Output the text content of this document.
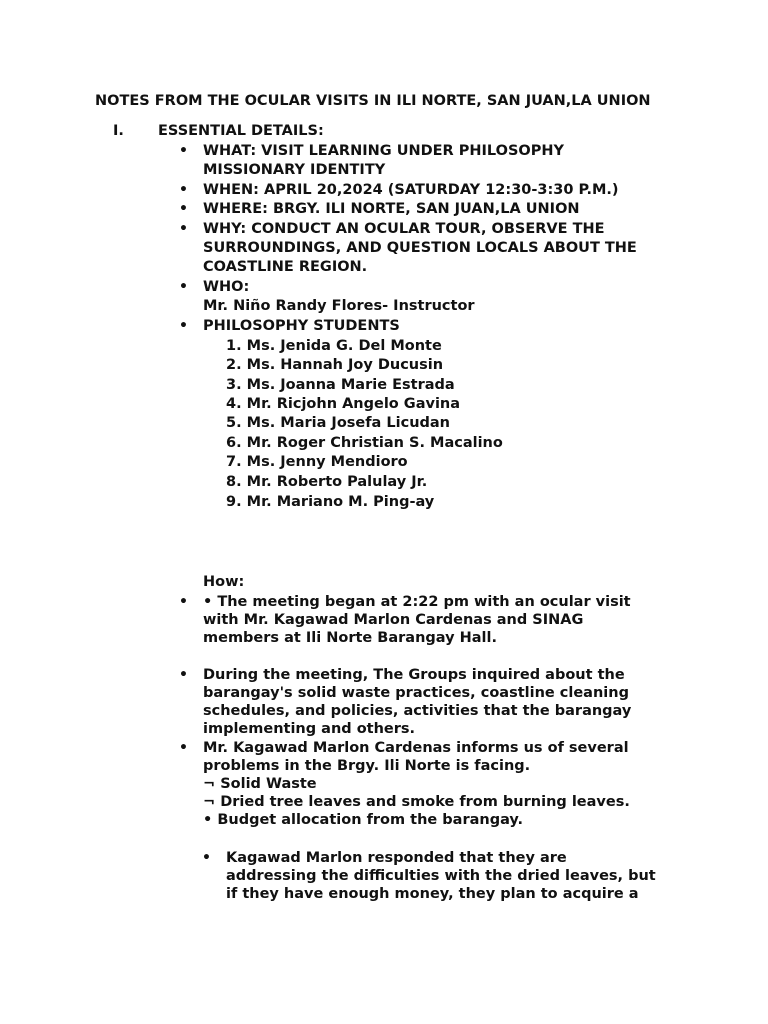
NOTES FROM THE OCULAR VISITS IN ILI NORTE, SAN JUAN,LA UNION
I. ESSENTIAL DETAILS:
• WHAT: VISIT LEARNING UNDER PHILOSOPHY
MISSIONARY IDENTITY
• WHEN: APRIL 20,2024 (SATURDAY 12:30-3:30 P.M.)
• WHERE: BRGY. ILI NORTE, SAN JUAN,LA UNION
• WHY: CONDUCT AN OCULAR TOUR, OBSERVE THE
SURROUNDINGS, AND QUESTION LOCALS ABOUT THE
COASTLINE REGION.
• WHO:
Mr. Niño Randy Flores- Instructor
• PHILOSOPHY STUDENTS
1. Ms. Jenida G. Del Monte
2. Ms. Hannah Joy Ducusin
3. Ms. Joanna Marie Estrada
4. Mr. Ricjohn Angelo Gavina
5. Ms. Maria Josefa Licudan
6. Mr. Roger Christian S. Macalino
7. Ms. Jenny Mendioro
8. Mr. Roberto Palulay Jr.
9. Mr. Mariano M. Ping-ay
How:
• • The meeting began at 2:22 pm with an ocular visit
with Mr. Kagawad Marlon Cardenas and SINAG
members at Ili Norte Barangay Hall.
• During the meeting, The Groups inquired about the
barangay's solid waste practices, coastline cleaning
schedules, and policies, activities that the barangay
implementing and others.
• Mr. Kagawad Marlon Cardenas informs us of several
problems in the Brgy. Ili Norte is facing.
¬ Solid Waste
¬ Dried tree leaves and smoke from burning leaves.
• Budget allocation from the barangay.
• Kagawad Marlon responded that they are
addressing the difficulties with the dried leaves, but
if they have enough money, they plan to acquire a
